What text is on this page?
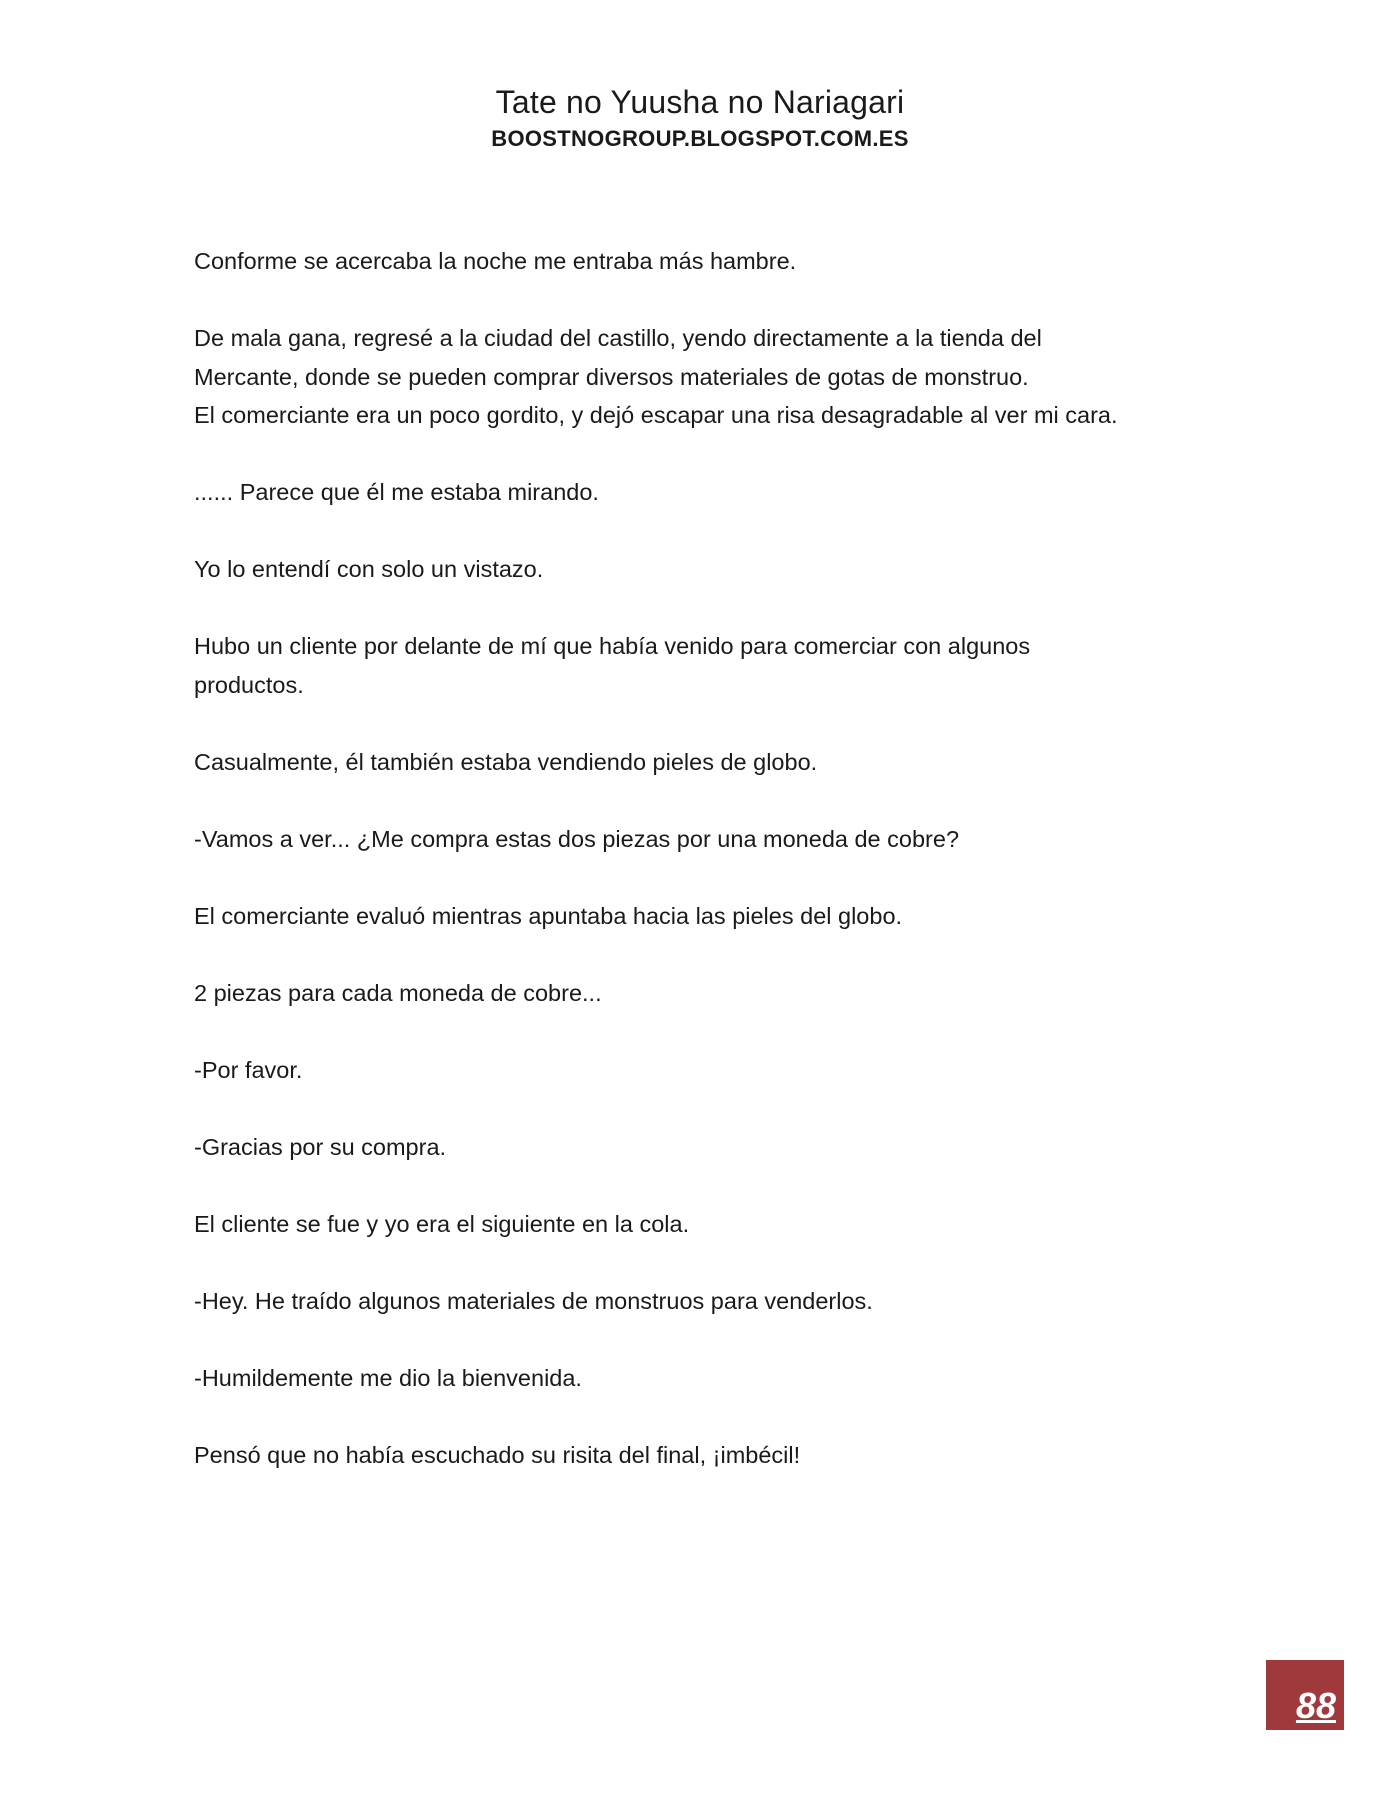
Tate no Yuusha no Nariagari
BOOSTNOGROUP.BLOGSPOT.COM.ES
Conforme se acercaba la noche me entraba más hambre.
De mala gana, regresé a la ciudad del castillo, yendo directamente a la tienda del
Mercante, donde se pueden comprar diversos materiales de gotas de monstruo.
El comerciante era un poco gordito, y dejó escapar una risa desagradable al ver mi cara.
...... Parece que él me estaba mirando.
Yo lo entendí con solo un vistazo.
Hubo un cliente por delante de mí que había venido para comerciar con algunos
productos.
Casualmente, él también estaba vendiendo pieles de globo.
-Vamos a ver... ¿Me compra estas dos piezas por una moneda de cobre?
El comerciante evaluó mientras apuntaba hacia las pieles del globo.
2 piezas para cada moneda de cobre...
-Por favor.
-Gracias por su compra.
El cliente se fue y yo era el siguiente en la cola.
-Hey. He traído algunos materiales de monstruos para venderlos.
-Humildemente me dio la bienvenida.
Pensó que no había escuchado su risita del final, ¡imbécil!
88
